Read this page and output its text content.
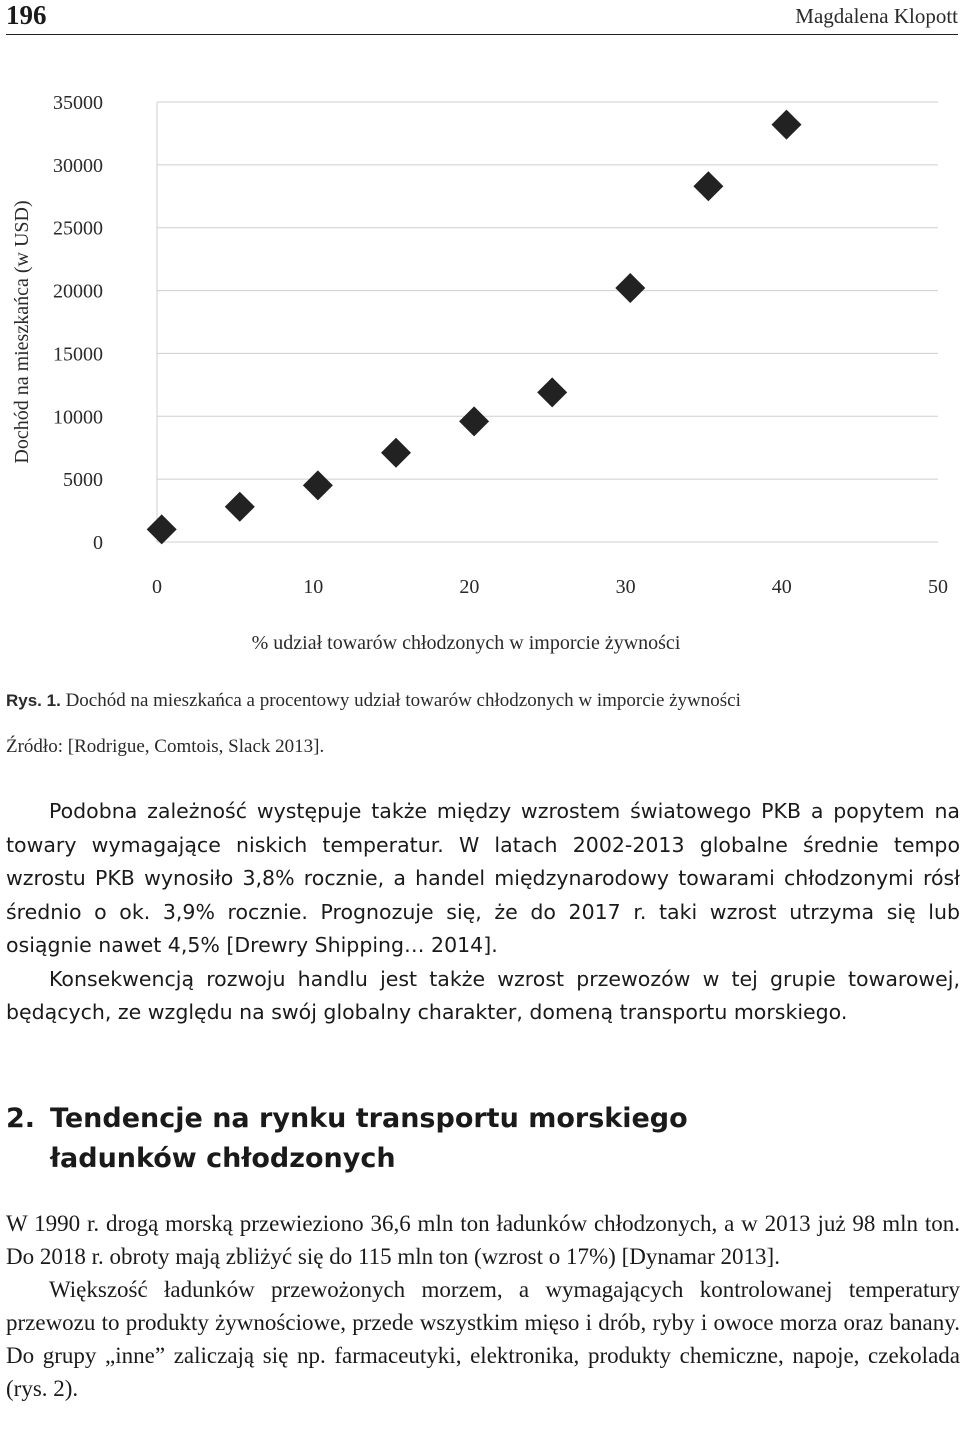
196	Magdalena Klopott
0
5000
10000
15000
20000
25000
30000
35000
0	10	20	30	40	50
Dochód na mieszkańca (w USD)
% udział towarów chłodzonych w imporcie żywności
Rys. 1. Dochód na mieszkańca a procentowy udział towarów chłodzonych w imporcie żywności
Źródło: [Rodrigue, Comtois, Slack 2013].

Podobna zależność występuje także między wzrostem światowego PKB a popytem na towary wymagające niskich temperatur. W latach 2002-2013 globalne średnie tempo wzrostu PKB wynosiło 3,8% rocznie, a handel międzynarodowy towarami chłodzonymi rósł średnio o ok. 3,9% rocznie. Prognozuje się, że do 2017 r. taki wzrost utrzyma się lub osiągnie nawet 4,5% [Drewry Shipping… 2014].

Konsekwencją rozwoju handlu jest także wzrost przewozów w tej grupie towarowej, będących, ze względu na swój globalny charakter, domeną transportu morskiego.

2. Tendencje na rynku transportu morskiego
ładunków chłodzonych

W 1990 r. drogą morską przewieziono 36,6 mln ton ładunków chłodzonych, a w 2013 już 98 mln ton. Do 2018 r. obroty mają zbliżyć się do 115 mln ton (wzrost o 17%) [Dynamar 2013].

Większość ładunków przewożonych morzem, a wymagających kontrolowanej temperatury przewozu to produkty żywnościowe, przede wszystkim mięso i drób, ryby i owoce morza oraz banany. Do grupy „inne” zaliczają się np. farmaceutyki, elektronika, produkty chemiczne, napoje, czekolada (rys. 2).
